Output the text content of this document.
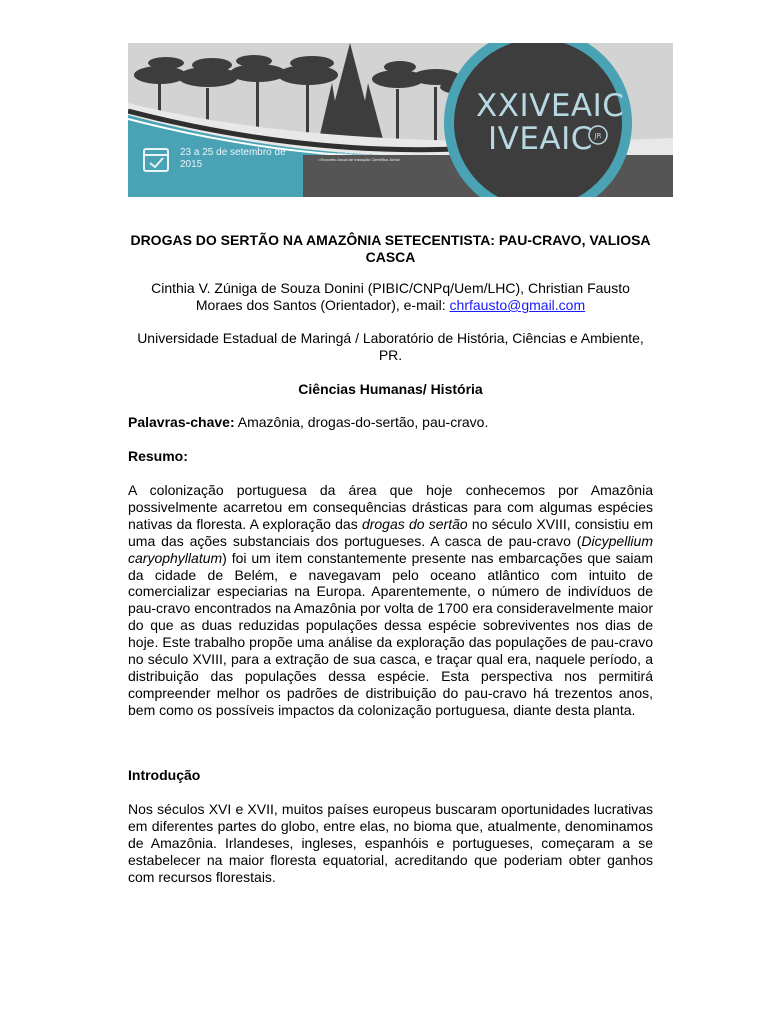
JR
XXIVEAIC
IVEAIC
23 a 25 de setembro de 2015
• Encontro Anual de Iniciação Científica
• Encontro Anual de Iniciação Científica Júnior
DROGAS DO SERTÃO NA AMAZÔNIA SETECENTISTA: PAU-CRAVO, VALIOSA CASCA
Cinthia V. Zúniga de Souza Donini (PIBIC/CNPq/Uem/LHC), Christian Fausto Moraes dos Santos (Orientador), e-mail: chrfausto@gmail.com
Universidade Estadual de Maringá / Laboratório de História, Ciências e Ambiente, PR.
Ciências Humanas/ História
Palavras-chave: Amazônia, drogas-do-sertão, pau-cravo.
Resumo:
A colonização portuguesa da área que hoje conhecemos por Amazônia possivelmente acarretou em consequências drásticas para com algumas espécies nativas da floresta. A exploração das drogas do sertão no século XVIII, consistiu em uma das ações substanciais dos portugueses. A casca de pau-cravo (Dicypellium caryophyllatum) foi um item constantemente presente nas embarcações que saiam da cidade de Belém, e navegavam pelo oceano atlântico com intuito de comercializar especiarias na Europa. Aparentemente, o número de indivíduos de pau-cravo encontrados na Amazônia por volta de 1700 era consideravelmente maior do que as duas reduzidas populações dessa espécie sobreviventes nos dias de hoje. Este trabalho propõe uma análise da exploração das populações de pau-cravo no século XVIII, para a extração de sua casca, e traçar qual era, naquele período, a distribuição das populações dessa espécie. Esta perspectiva nos permitirá compreender melhor os padrões de distribuição do pau-cravo há trezentos anos, bem como os possíveis impactos da colonização portuguesa, diante desta planta.
Introdução
Nos séculos XVI e XVII, muitos países europeus buscaram oportunidades lucrativas em diferentes partes do globo, entre elas, no bioma que, atualmente, denominamos de Amazônia. Irlandeses, ingleses, espanhóis e portugueses, começaram a se estabelecer na maior floresta equatorial, acreditando que poderiam obter ganhos com recursos florestais.
